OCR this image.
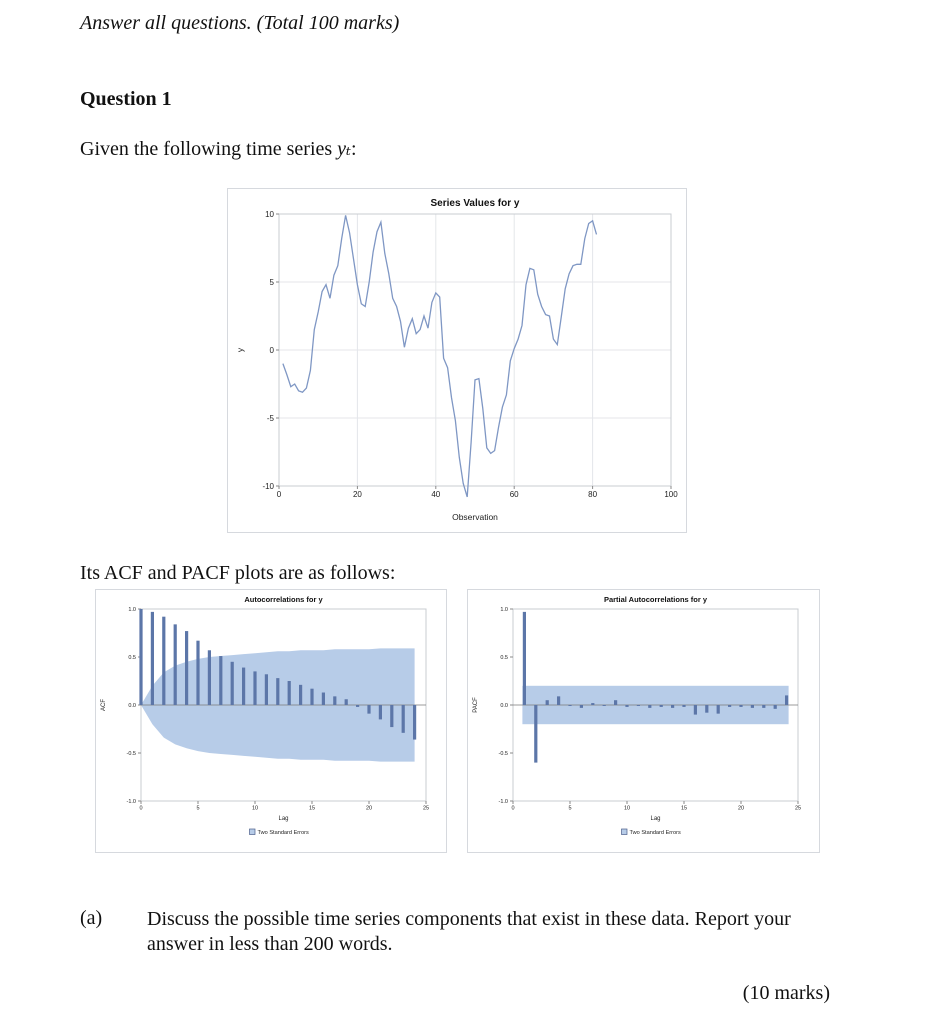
Answer all questions. (Total 100 marks)
Question 1
Given the following time series yₜ:
Series Values for y
0	20	40	60	80	100
10
5
0
-5
-10
Observation
y
Its ACF and PACF plots are as follows:
Autocorrelations for y
0	5	10	15	20	25
1.0
0.5
0.0
-0.5
-1.0
Lag
ACF
Two Standard Errors
Partial Autocorrelations for y
0	5	10	15	20	25
1.0
0.5
0.0
-0.5
-1.0
Lag
PACF
Two Standard Errors
(a) Discuss the possible time series components that exist in these data. Report your answer in less than 200 words.
(10 marks)
